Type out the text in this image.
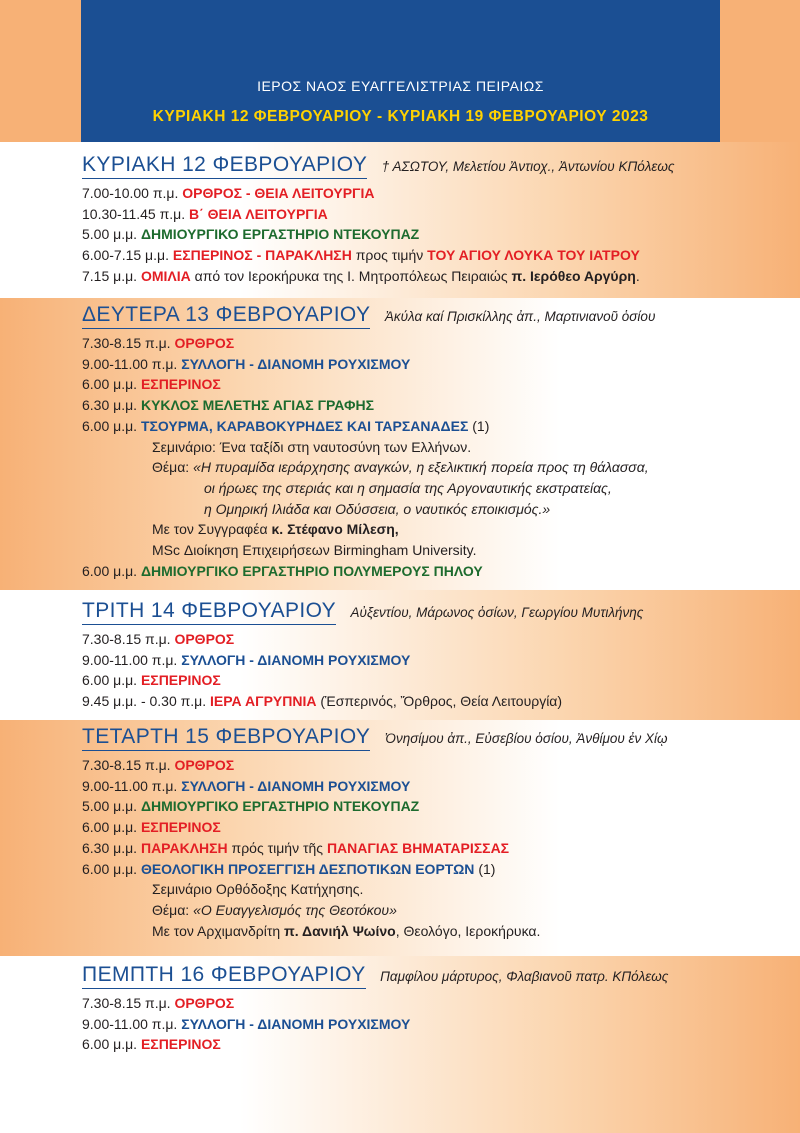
ΙΕΡΟΣ ΝΑΟΣ ΕΥΑΓΓΕΛΙΣΤΡΙΑΣ ΠΕΙΡΑΙΩΣ
ΚΥΡΙΑΚΗ 12 ΦΕΒΡΟΥΑΡΙΟΥ - ΚΥΡΙΑΚΗ 19 ΦΕΒΡΟΥΑΡΙΟΥ 2023
ΚΥΡΙΑΚΗ 12 ΦΕΒΡΟΥΑΡΙΟΥ † ΑΣΩΤΟΥ, Μελετίου Ἀντιοχ., Ἀντωνίου ΚΠόλεως
7.00-10.00 π.μ. ΟΡΘΡΟΣ - ΘΕΙΑ ΛΕΙΤΟΥΡΓΙΑ
10.30-11.45 π.μ. Β΄ ΘΕΙΑ ΛΕΙΤΟΥΡΓΙΑ
5.00 μ.μ. ΔΗΜΙΟΥΡΓΙΚΟ ΕΡΓΑΣΤΗΡΙΟ ΝΤΕΚΟΥΠΑΖ
6.00-7.15 μ.μ. ΕΣΠΕΡΙΝΟΣ - ΠΑΡΑΚΛΗΣΗ προς τιμήν ΤΟΥ ΑΓΙΟΥ ΛΟΥΚΑ ΤΟΥ ΙΑΤΡΟΥ
7.15 μ.μ. ΟΜΙΛΙΑ από τον Ιεροκήρυκα της Ι. Μητροπόλεως Πειραιώς π. Ιερόθεο Αργύρη.
ΔΕΥΤΕΡΑ 13 ΦΕΒΡΟΥΑΡΙΟΥ Ἀκύλα καί Πρισκίλλης ἀπ., Μαρτινιανοῦ ὁσίου
7.30-8.15 π.μ. ΟΡΘΡΟΣ
9.00-11.00 π.μ. ΣΥΛΛΟΓΗ - ΔΙΑΝΟΜΗ ΡΟΥΧΙΣΜΟΥ
6.00 μ.μ. ΕΣΠΕΡΙΝΟΣ
6.30 μ.μ. ΚΥΚΛΟΣ ΜΕΛΕΤΗΣ ΑΓΙΑΣ ΓΡΑΦΗΣ
6.00 μ.μ. ΤΣΟΥΡΜΑ, ΚΑΡΑΒΟΚΥΡΗΔΕΣ ΚΑΙ ΤΑΡΣΑΝΑΔΕΣ (1)
Σεμινάριο: Ένα ταξίδι στη ναυτοσύνη των Ελλήνων.
Θέμα: «Η πυραμίδα ιεράρχησης αναγκών, η εξελικτική πορεία προς τη θάλασσα,
οι ήρωες της στεριάς και η σημασία της Αργοναυτικής εκστρατείας,
η Ομηρική Ιλιάδα και Οδύσσεια, ο ναυτικός εποικισμός.»
Με τον Συγγραφέα κ. Στέφανο Μίλεση,
MSc Διοίκηση Επιχειρήσεων Birmingham University.
6.00 μ.μ. ΔΗΜΙΟΥΡΓΙΚΟ ΕΡΓΑΣΤΗΡΙΟ ΠΟΛΥΜΕΡΟΥΣ ΠΗΛΟΥ
ΤΡΙΤΗ 14 ΦΕΒΡΟΥΑΡΙΟΥ Αὐξεντίου, Μάρωνος ὁσίων, Γεωργίου Μυτιλήνης
7.30-8.15 π.μ. ΟΡΘΡΟΣ
9.00-11.00 π.μ. ΣΥΛΛΟΓΗ - ΔΙΑΝΟΜΗ ΡΟΥΧΙΣΜΟΥ
6.00 μ.μ. ΕΣΠΕΡΙΝΟΣ
9.45 μ.μ. - 0.30 π.μ. ΙΕΡΑ ΑΓΡΥΠΝΙΑ (Ἑσπερινός, Ὄρθρος, Θεία Λειτουργία)
ΤΕΤΑΡΤΗ 15 ΦΕΒΡΟΥΑΡΙΟΥ Ὀνησίμου ἀπ., Εὐσεβίου ὁσίου, Ἀνθίμου ἐν Χίῳ
7.30-8.15 π.μ. ΟΡΘΡΟΣ
9.00-11.00 π.μ. ΣΥΛΛΟΓΗ - ΔΙΑΝΟΜΗ ΡΟΥΧΙΣΜΟΥ
5.00 μ.μ. ΔΗΜΙΟΥΡΓΙΚΟ ΕΡΓΑΣΤΗΡΙΟ ΝΤΕΚΟΥΠΑΖ
6.00 μ.μ. ΕΣΠΕΡΙΝΟΣ
6.30 μ.μ. ΠΑΡΑΚΛΗΣΗ πρός τιμήν τῆς ΠΑΝΑΓΙΑΣ ΒΗΜΑΤΑΡΙΣΣΑΣ
6.00 μ.μ. ΘΕΟΛΟΓΙΚΗ ΠΡΟΣΕΓΓΙΣΗ ΔΕΣΠΟΤΙΚΩΝ ΕΟΡΤΩΝ (1)
Σεμινάριο Ορθόδοξης Κατήχησης.
Θέμα: «Ο Ευαγγελισμός της Θεοτόκου»
Με τον Αρχιμανδρίτη π. Δανιήλ Ψωίνο, Θεολόγο, Ιεροκήρυκα.
ΠΕΜΠΤΗ 16 ΦΕΒΡΟΥΑΡΙΟΥ Παμφίλου μάρτυρος, Φλαβιανοῦ πατρ. ΚΠόλεως
7.30-8.15 π.μ. ΟΡΘΡΟΣ
9.00-11.00 π.μ. ΣΥΛΛΟΓΗ - ΔΙΑΝΟΜΗ ΡΟΥΧΙΣΜΟΥ
6.00 μ.μ. ΕΣΠΕΡΙΝΟΣ
